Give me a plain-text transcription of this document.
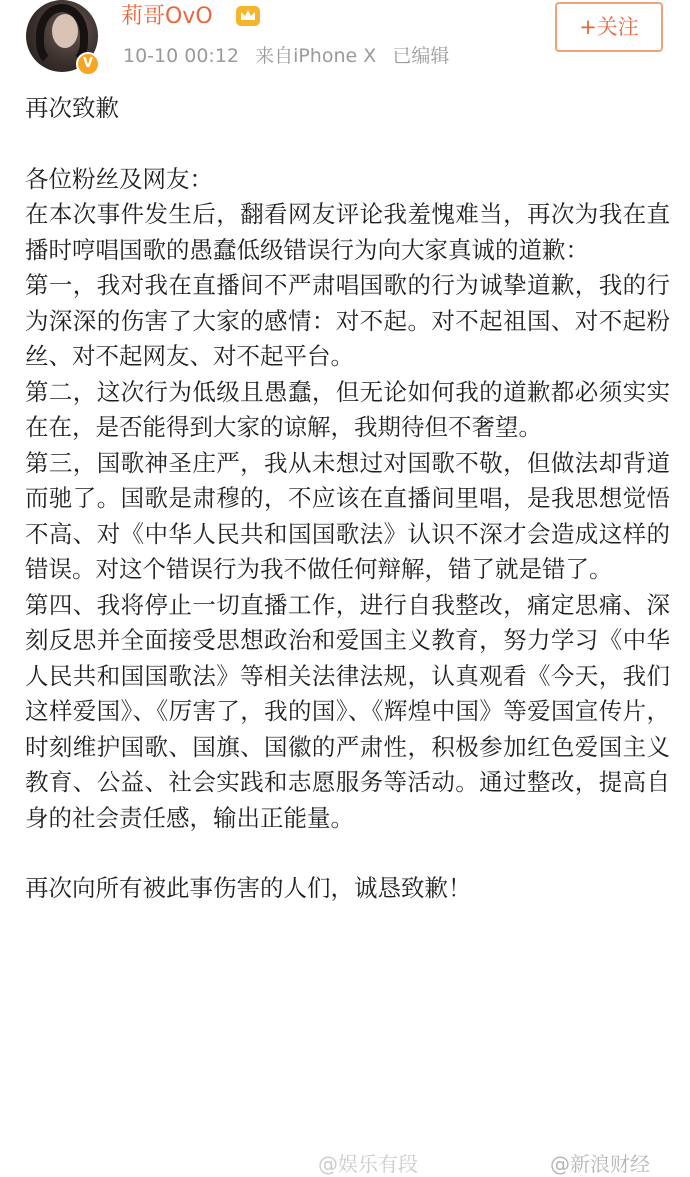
V
莉哥OvO
10-10 00:12 来自iPhone X 已编辑
+关注

再次致歉

各位粉丝及网友：

在本次事件发生后，翻看网友评论我羞愧难当，再次为我在直播时哼唱国歌的愚蠢低级错误行为向大家真诚的道歉：

第一，我对我在直播间不严肃唱国歌的行为诚挚道歉，我的行为深深的伤害了大家的感情：对不起。对不起祖国、对不起粉丝、对不起网友、对不起平台。

第二，这次行为低级且愚蠢，但无论如何我的道歉都必须实实在在，是否能得到大家的谅解，我期待但不奢望。

第三，国歌神圣庄严，我从未想过对国歌不敬，但做法却背道而驰了。国歌是肃穆的，不应该在直播间里唱，是我思想觉悟不高、对《中华人民共和国国歌法》认识不深才会造成这样的错误。对这个错误行为我不做任何辩解，错了就是错了。

第四、我将停止一切直播工作，进行自我整改，痛定思痛、深刻反思并全面接受思想政治和爱国主义教育，努力学习《中华人民共和国国歌法》等相关法律法规，认真观看《今天，我们这样爱国》、《厉害了，我的国》、《辉煌中国》等爱国宣传片，时刻维护国歌、国旗、国徽的严肃性，积极参加红色爱国主义教育、公益、社会实践和志愿服务等活动。通过整改，提高自身的社会责任感，输出正能量。

再次向所有被此事伤害的人们，诚恳致歉！

@娱乐有段	@新浪财经
